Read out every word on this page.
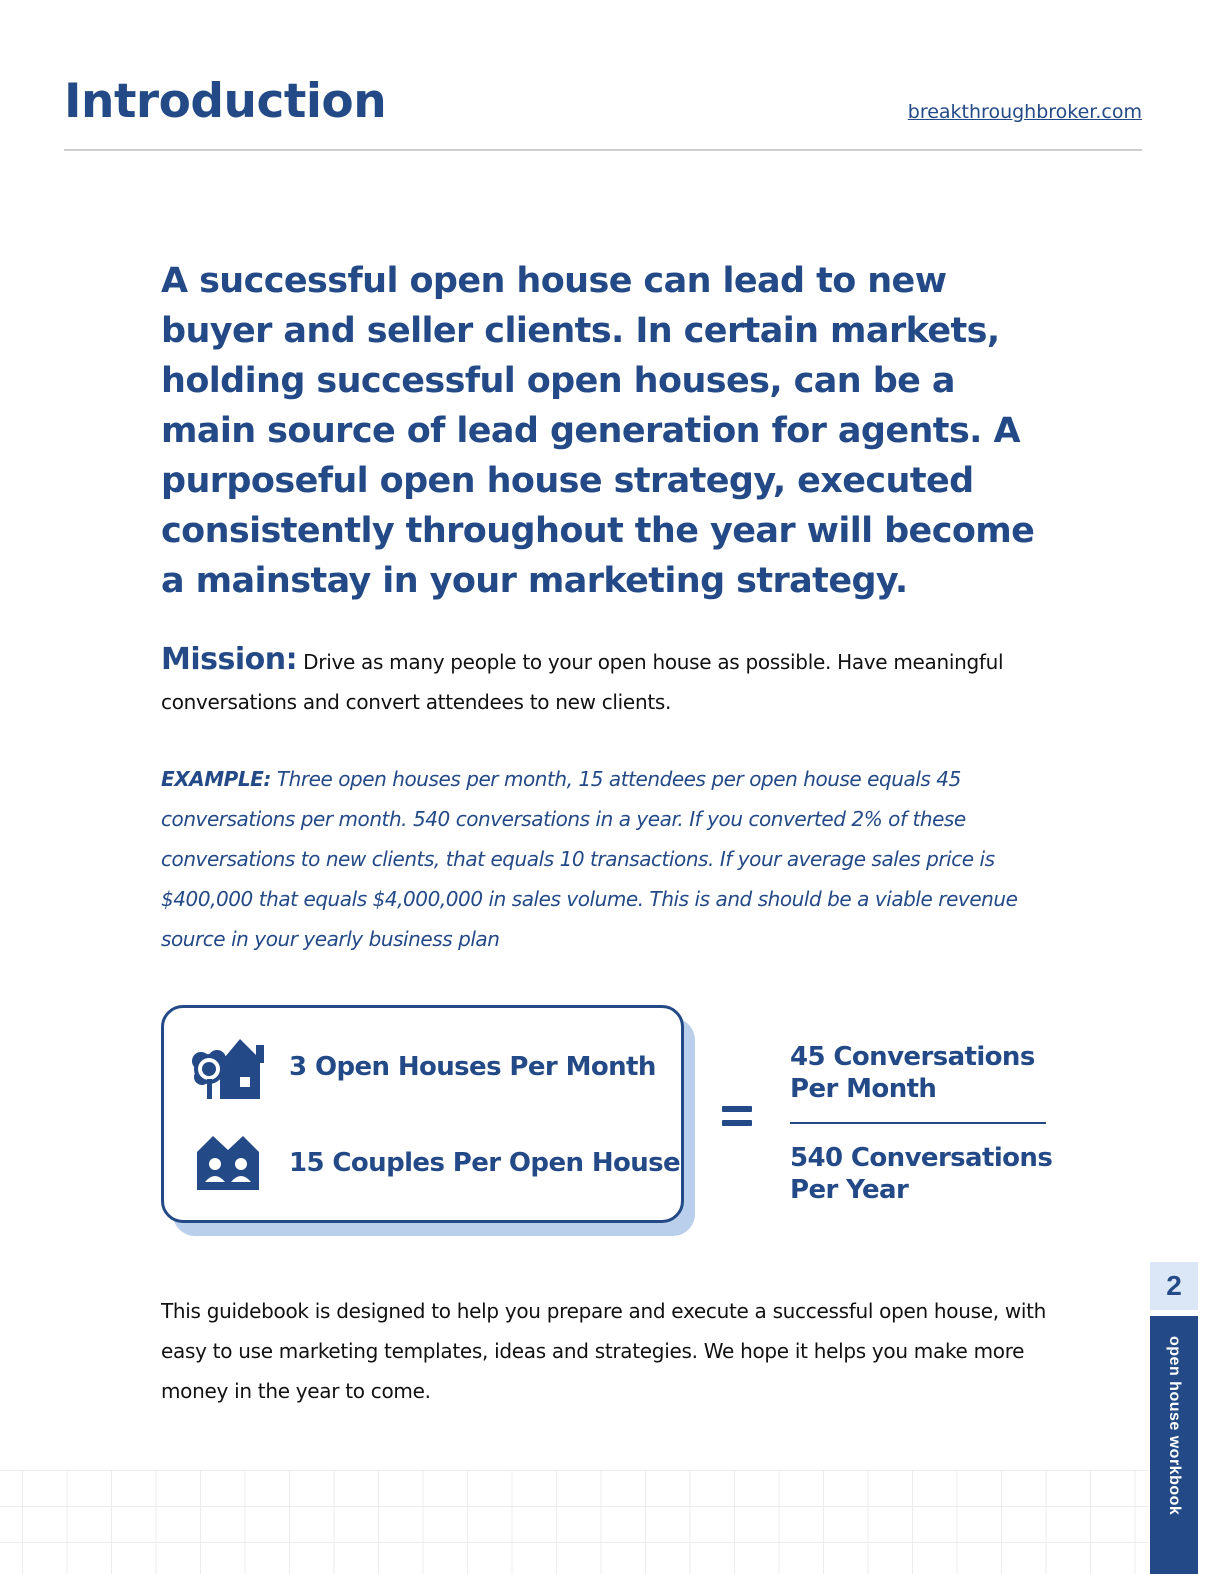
Introduction	breakthroughbroker.com

A successful open house can lead to new buyer and seller clients. In certain markets, holding successful open houses, can be a main source of lead generation for agents. A purposeful open house strategy, executed consistently throughout the year will become a mainstay in your marketing strategy.

Mission: Drive as many people to your open house as possible. Have meaningful conversations and convert attendees to new clients.

EXAMPLE: Three open houses per month, 15 attendees per open house equals 45 conversations per month. 540 conversations in a year. If you converted 2% of these conversations to new clients, that equals 10 transactions. If your average sales price is $400,000 that equals $4,000,000 in sales volume. This is and should be a viable revenue source in your yearly business plan

3 Open Houses Per Month
15 Couples Per Open House
45 Conversations Per Month
540 Conversations Per Year

This guidebook is designed to help you prepare and execute a successful open house, with easy to use marketing templates, ideas and strategies. We hope it helps you make more money in the year to come.

2
open house workbook
